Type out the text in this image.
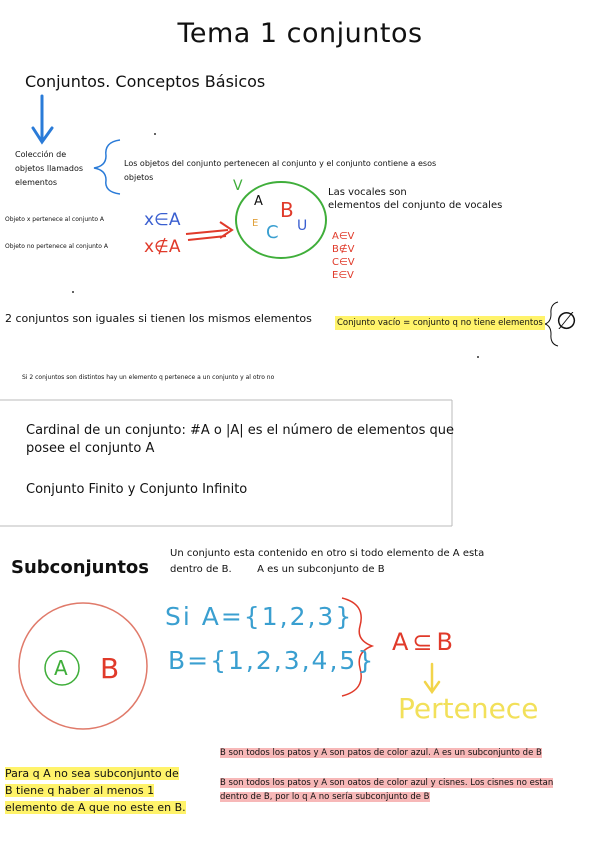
Tema 1 conjuntos
Conjuntos. Conceptos Básicos
Colección de
objetos llamados
elementos
Los objetos del conjunto pertenecen al conjunto y el conjunto contiene a esos
objetos
Objeto x pertenece al conjunto A x∈A
Objeto no pertenece al conjunto A x∉A
V
A B
E C U
Las vocales son
elementos del conjunto de vocales
A∈V
B∉V
C∈V
E∈V
2 conjuntos son iguales si tienen los mismos elementos	Conjunto vacío = conjunto q no tiene elementos ∅
Si 2 conjuntos son distintos hay un elemento q pertenece a un conjunto y al otro no
Cardinal de un conjunto: #A o |A| es el número de elementos que
posee el conjunto A
Conjunto Finito y Conjunto Infinito
Subconjuntos
Un conjunto esta contenido en otro si todo elemento de A esta
dentro de B.        A es un subconjunto de B
Si A={1,2,3}
B={1,2,3,4,5}
A⊆B
Pertenece
A B
Para q A no sea subconjunto de
B tiene q haber al menos 1
elemento de A que no este en B.
B son todos los patos y A son patos de color azul. A es un subconjunto de B
B son todos los patos y A son oatos de color azul y cisnes. Los cisnes no estan
dentro de B, por lo q A no sería subconjunto de B
